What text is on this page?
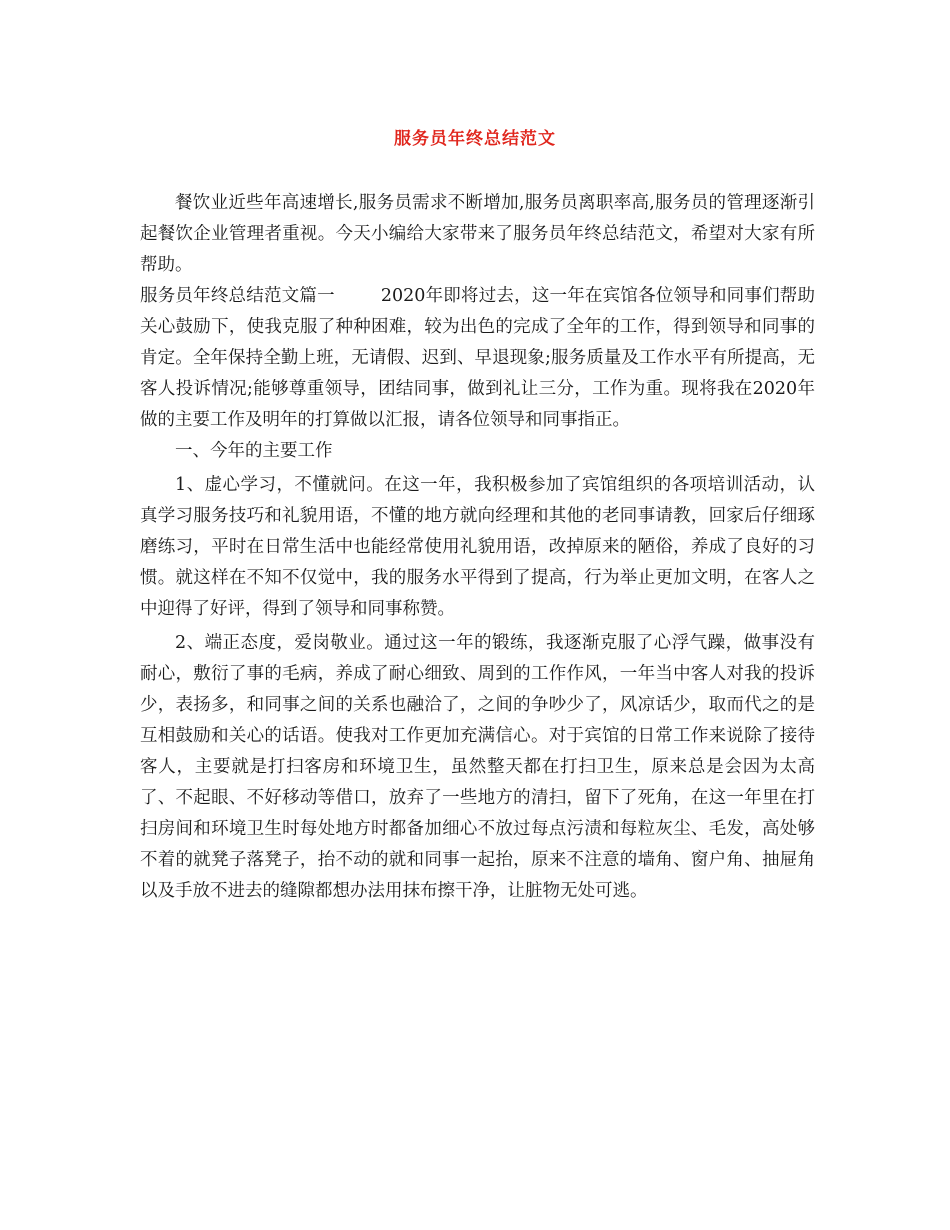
服务员年终总结范文

餐饮业近些年高速增长,服务员需求不断增加,服务员离职率高,服务员的管理逐渐引起餐饮企业管理者重视。今天小编给大家带来了服务员年终总结范文，希望对大家有所帮助。

服务员年终总结范文篇一	2020年即将过去，这一年在宾馆各位领导和同事们帮助关心鼓励下，使我克服了种种困难，较为出色的完成了全年的工作，得到领导和同事的肯定。全年保持全勤上班，无请假、迟到、早退现象;服务质量及工作水平有所提高，无客人投诉情况;能够尊重领导，团结同事，做到礼让三分，工作为重。现将我在2020年做的主要工作及明年的打算做以汇报，请各位领导和同事指正。

一、今年的主要工作

1、虚心学习，不懂就问。在这一年，我积极参加了宾馆组织的各项培训活动，认真学习服务技巧和礼貌用语，不懂的地方就向经理和其他的老同事请教，回家后仔细琢磨练习，平时在日常生活中也能经常使用礼貌用语，改掉原来的陋俗，养成了良好的习惯。就这样在不知不仅觉中，我的服务水平得到了提高，行为举止更加文明，在客人之中迎得了好评，得到了领导和同事称赞。

2、端正态度，爱岗敬业。通过这一年的锻练，我逐渐克服了心浮气躁，做事没有耐心，敷衍了事的毛病，养成了耐心细致、周到的工作作风，一年当中客人对我的投诉少，表扬多，和同事之间的关系也融洽了，之间的争吵少了，风凉话少，取而代之的是互相鼓励和关心的话语。使我对工作更加充满信心。对于宾馆的日常工作来说除了接待客人，主要就是打扫客房和环境卫生，虽然整天都在打扫卫生，原来总是会因为太高了、不起眼、不好移动等借口，放弃了一些地方的清扫，留下了死角，在这一年里在打扫房间和环境卫生时每处地方时都备加细心不放过每点污渍和每粒灰尘、毛发，高处够不着的就凳子落凳子，抬不动的就和同事一起抬，原来不注意的墙角、窗户角、抽屉角以及手放不进去的缝隙都想办法用抹布擦干净，让脏物无处可逃。
